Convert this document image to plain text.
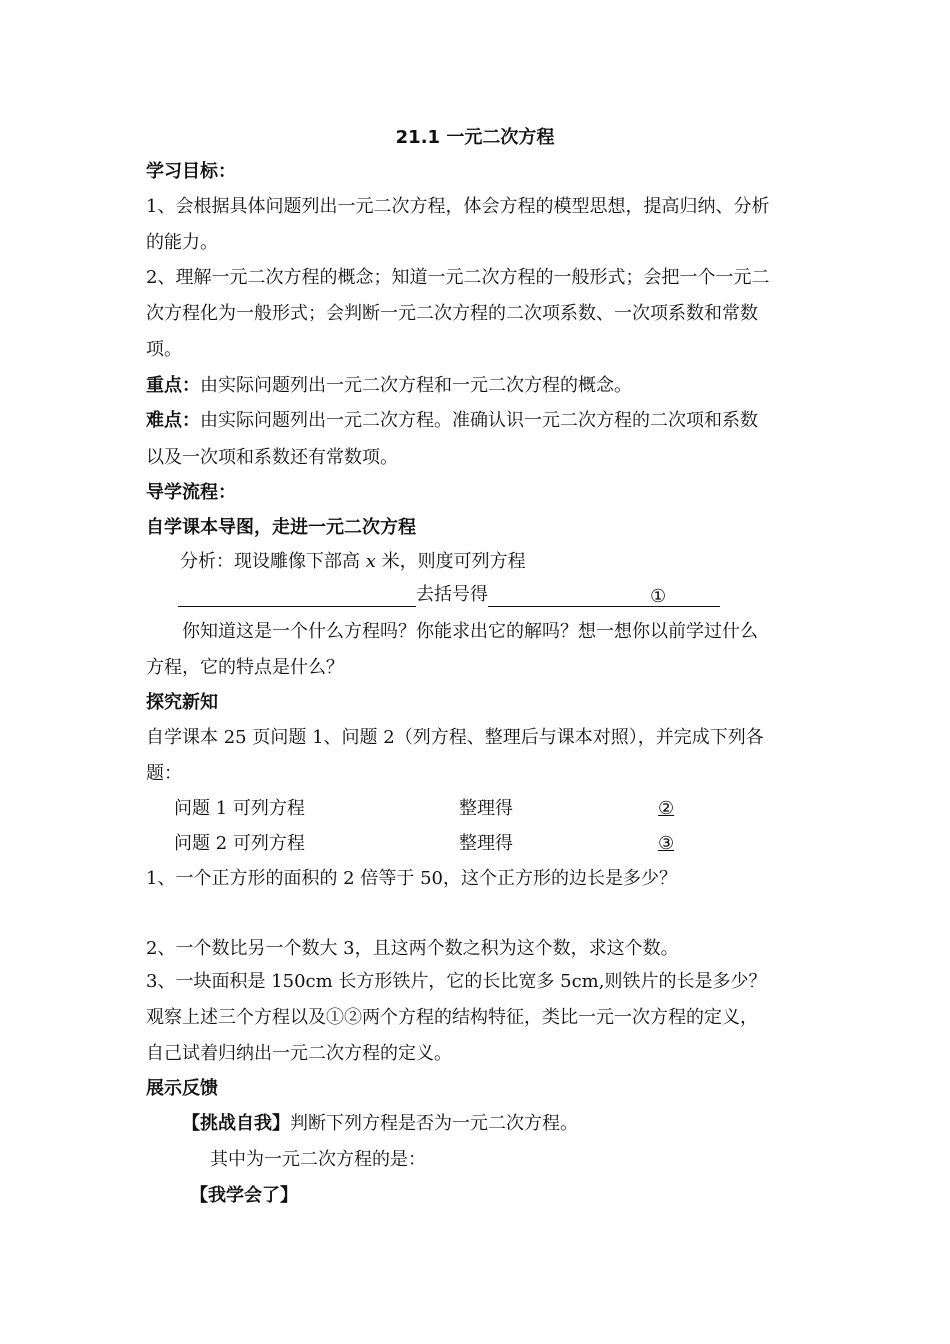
21.1 一元二次方程
学习目标：
1、会根据具体问题列出一元二次方程，体会方程的模型思想，提高归纳、分析
的能力。
2、理解一元二次方程的概念；知道一元二次方程的一般形式；会把一个一元二
次方程化为一般形式；会判断一元二次方程的二次项系数、一次项系数和常数
项。
重点：由实际问题列出一元二次方程和一元二次方程的概念。
难点：由实际问题列出一元二次方程。准确认识一元二次方程的二次项和系数
以及一次项和系数还有常数项。
导学流程：
自学课本导图，走进一元二次方程
分析：现设雕像下部高 x 米，则度可列方程
去括号得	①
你知道这是一个什么方程吗？你能求出它的解吗？想一想你以前学过什么
方程，它的特点是什么？
探究新知
自学课本 25 页问题 1、问题 2（列方程、整理后与课本对照），并完成下列各
题：
问题 1 可列方程	整理得	②
问题 2 可列方程	整理得	③
1、一个正方形的面积的 2 倍等于 50，这个正方形的边长是多少？
2、一个数比另一个数大 3，且这两个数之积为这个数，求这个数。
3、一块面积是 150cm 长方形铁片，它的长比宽多 5cm,则铁片的长是多少？
观察上述三个方程以及①②两个方程的结构特征，类比一元一次方程的定义，
自己试着归纳出一元二次方程的定义。
展示反馈
【挑战自我】判断下列方程是否为一元二次方程。
其中为一元二次方程的是：
【我学会了】
